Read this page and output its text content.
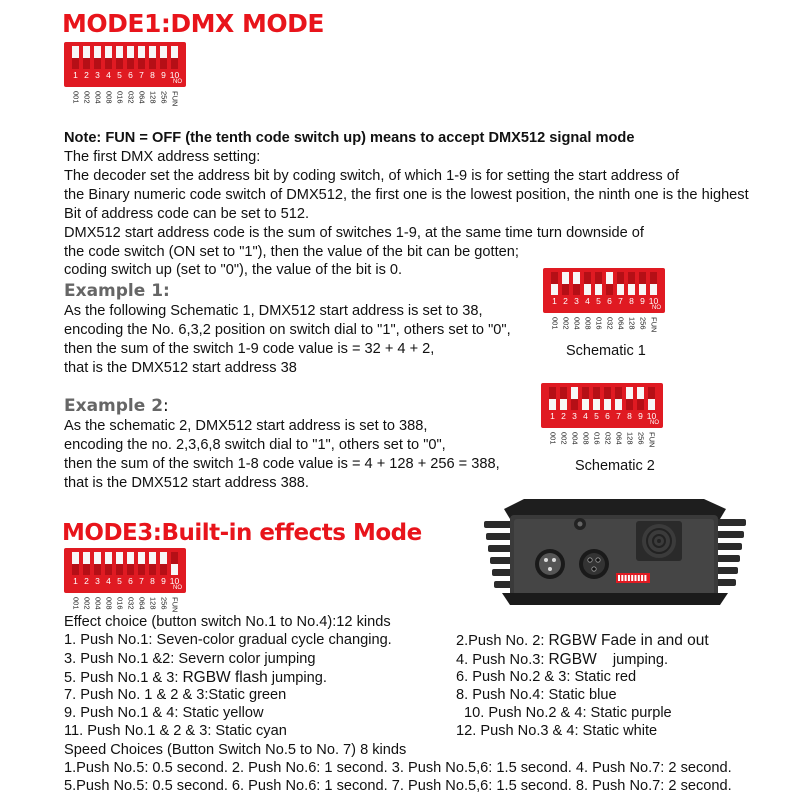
MODE1:DMX MODE
1 2 3 4 5 6 7 8 9 10
NO
001 002 004 008 016 032 064 128 256 FUN
Note: FUN = OFF (the tenth code switch up) means to accept DMX512 signal mode
The first DMX address setting:
The decoder set the address bit by coding switch, of which 1-9 is for setting the start address of
the Binary numeric code switch of DMX512, the first one is the lowest position, the ninth one is the highest
Bit of address code can be set to 512.
DMX512 start address code is the sum of switches 1-9, at the same time turn downside of
the code switch (ON set to "1"), then the value of the bit can be gotten;
coding switch up (set to "0"), the value of the bit is 0.
Example 1:
As the following Schematic 1, DMX512 start address is set to 38,
encoding the No. 6,3,2 position on switch dial to "1", others set to "0",
then the sum of the switch 1-9 code value is = 32 + 4 + 2,
that is the DMX512 start address 38
1 2 3 4 5 6 7 8 9 10
NO
001 002 004 008 016 032 064 128 256 FUN
Schematic 1
Example 2:
As the schematic 2, DMX512 start address is set to 388,
encoding the no. 2,3,6,8 switch dial to "1", others set to "0",
then the sum of the switch 1-8 code value is = 4 + 128 + 256 = 388,
that is the DMX512 start address 388.
1 2 3 4 5 6 7 8 9 10
NO
001 002 004 008 016 032 064 128 256 FUN
Schematic 2
MODE3:Built-in effects Mode
1 2 3 4 5 6 7 8 9 10
NO
001 002 004 008 016 032 064 128 256 FUN
Effect choice (button switch No.1 to No.4):12 kinds
1. Push No.1: Seven-color gradual cycle changing.	2.Push No. 2: RGBW Fade in and out
3. Push No.1 &2: Severn color jumping	4. Push No.3: RGBW    jumping.
5. Push No.1 & 3: RGBW flash jumping.	6. Push No.2 & 3: Static red
7. Push No. 1 & 2 & 3:Static green	8. Push No.4: Static blue
9. Push No.1 & 4: Static yellow	10. Push No.2 & 4: Static purple
11. Push No.1 & 2 & 3: Static cyan	12. Push No.3 & 4: Static white
Speed Choices (Button Switch No.5 to No. 7) 8 kinds
1.Push No.5: 0.5 second. 2. Push No.6: 1 second. 3. Push No.5,6: 1.5 second. 4. Push No.7: 2 second.
5.Push No.5: 0.5 second. 6. Push No.6: 1 second. 7. Push No.5,6: 1.5 second. 8. Push No.7: 2 second.
